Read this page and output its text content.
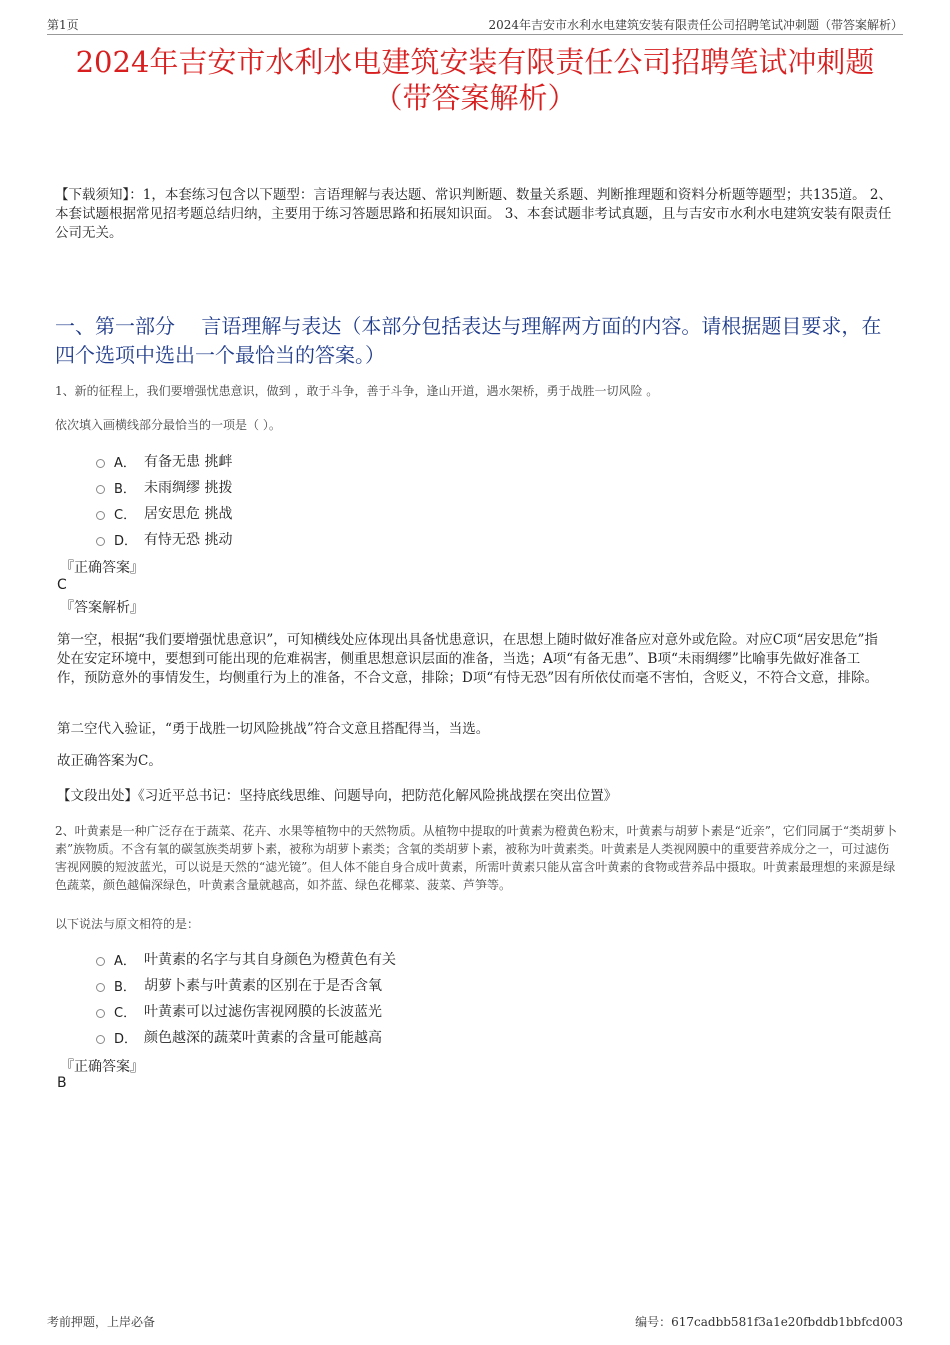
第1页	2024年吉安市水利水电建筑安装有限责任公司招聘笔试冲刺题（带答案解析）
2024年吉安市水利水电建筑安装有限责任公司招聘笔试冲刺题
（带答案解析）
【下载须知】：1，本套练习包含以下题型：言语理解与表达题、常识判断题、数量关系题、判断推理题和资料分析题等题型；共135道。 2、本套试题根据常见招考题总结归纳，主要用于练习答题思路和拓展知识面。 3、本套试题非考试真题，且与吉安市水利水电建筑安装有限责任公司无关。
一、第一部分　 言语理解与表达（本部分包括表达与理解两方面的内容。请根据题目要求，在四个选项中选出一个最恰当的答案。）
1、新的征程上，我们要增强忧患意识，做到 ，敢于斗争，善于斗争，逢山开道，遇水架桥，勇于战胜一切风险 。
依次填入画横线部分最恰当的一项是（ ）。
A． 有备无患 挑衅
B． 未雨绸缪 挑拨
C． 居安思危 挑战
D． 有恃无恐 挑动
『正确答案』
C
『答案解析』
第一空，根据“我们要增强忧患意识”，可知横线处应体现出具备忧患意识，在思想上随时做好准备应对意外或危险。对应C项“居安思危”指处在安定环境中，要想到可能出现的危难祸害，侧重思想意识层面的准备，当选；A项“有备无患”、B项“未雨绸缪”比喻事先做好准备工作，预防意外的事情发生，均侧重行为上的准备，不合文意，排除；D项“有恃无恐”因有所依仗而毫不害怕，含贬义，不符合文意，排除。
第二空代入验证，“勇于战胜一切风险挑战”符合文意且搭配得当，当选。
故正确答案为C。
【文段出处】《习近平总书记：坚持底线思维、问题导向，把防范化解风险挑战摆在突出位置》
2、叶黄素是一种广泛存在于蔬菜、花卉、水果等植物中的天然物质。从植物中提取的叶黄素为橙黄色粉末，叶黄素与胡萝卜素是“近亲”，它们同属于“类胡萝卜素”族物质。不含有氧的碳氢族类胡萝卜素，被称为胡萝卜素类；含氧的类胡萝卜素，被称为叶黄素类。叶黄素是人类视网膜中的重要营养成分之一，可过滤伤害视网膜的短波蓝光，可以说是天然的“滤光镜”。但人体不能自身合成叶黄素，所需叶黄素只能从富含叶黄素的食物或营养品中摄取。叶黄素最理想的来源是绿色蔬菜，颜色越偏深绿色，叶黄素含量就越高，如芥蓝、绿色花椰菜、菠菜、芦笋等。
以下说法与原文相符的是：
A． 叶黄素的名字与其自身颜色为橙黄色有关
B． 胡萝卜素与叶黄素的区别在于是否含氧
C． 叶黄素可以过滤伤害视网膜的长波蓝光
D． 颜色越深的蔬菜叶黄素的含量可能越高
『正确答案』
B
考前押题，上岸必备	编号：617cadbb581f3a1e20fbddb1bbfcd003
